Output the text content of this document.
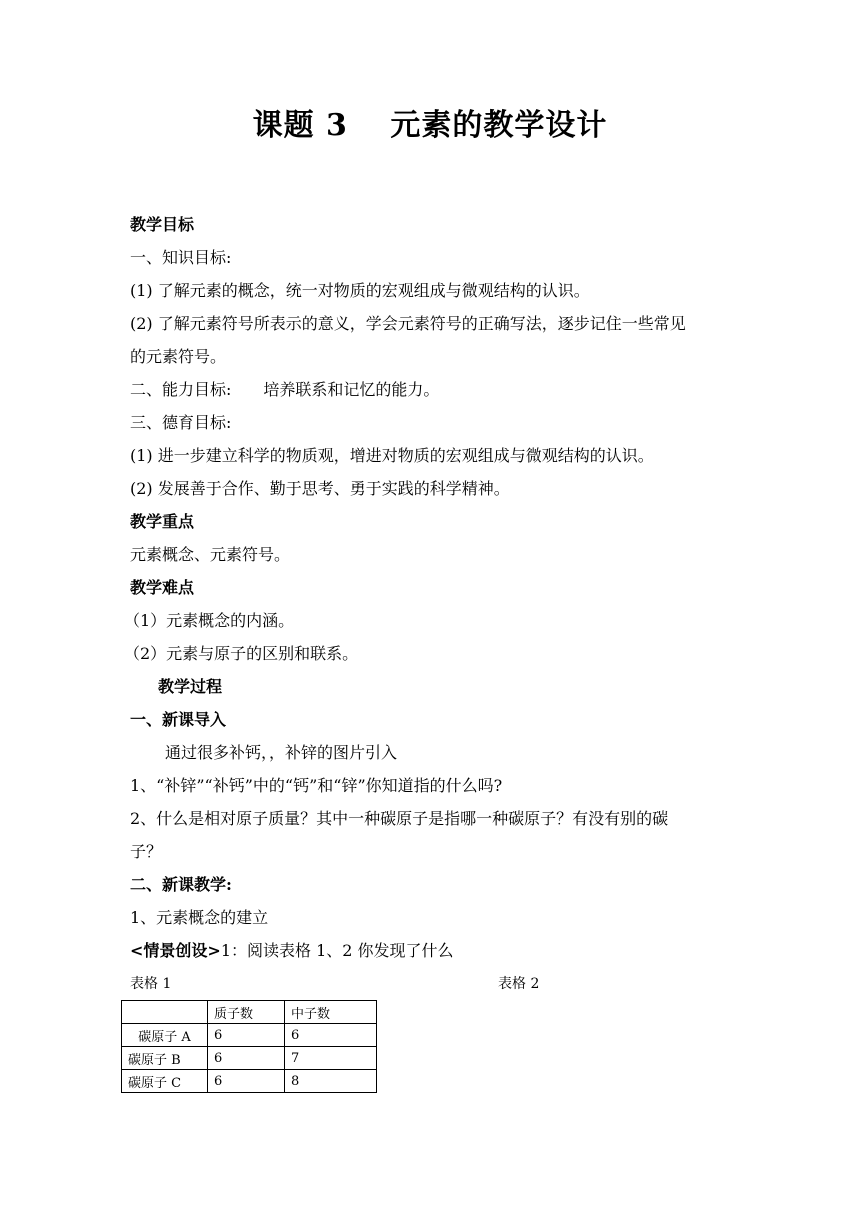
课题 3　 元素的教学设计
教学目标
一、知识目标:
(1) 了解元素的概念，统一对物质的宏观组成与微观结构的认识。
(2) 了解元素符号所表示的意义，学会元素符号的正确写法，逐步记住一些常见
的元素符号。
二、能力目标:　　培养联系和记忆的能力。
三、德育目标:
(1) 进一步建立科学的物质观，增进对物质的宏观组成与微观结构的认识。
(2) 发展善于合作、勤于思考、勇于实践的科学精神。
教学重点
元素概念、元素符号。
教学难点
（1）元素概念的内涵。
（2）元素与原子的区别和联系。
教学过程
一、新课导入
通过很多补钙，，补锌的图片引入
1、“补锌”“补钙”中的“钙”和“锌”你知道指的什么吗?
2、什么是相对原子质量？其中一种碳原子是指哪一种碳原子？有没有别的碳
子？
二、新课教学:
1、元素概念的建立
<情景创设>1：阅读表格 1、2 你发现了什么
表格 1	表格 2
	质子数	中子数
碳原子 A	6	6
碳原子 B	6	7
碳原子 C	6	8
